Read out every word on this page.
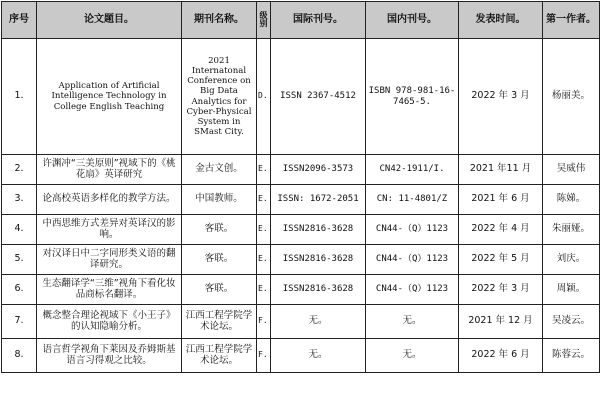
序号	论文题目。	期刊名称。	级别	国际刊号。	国内刊号。	发表时间。	第一作者。
1.	Application of Artificial Intelligence Technology in College English Teaching	2021 Internatonal Conference on Big Data Analytics for Cyber-Physical System in SMast City.	D.	ISSN 2367-4512	ISBN 978-981-16-7465-5.	2022 年 3 月	杨丽美。
2.	许渊冲“三美原则”视域下的《桃花扇》英译研究	金古文创。	E.	ISSN2096-3573	CN42-1911/I.	2021 年11 月	吴威伟
3.	论高校英语多样化的教学方法。	中国教师。	E.	ISSN: 1672-2051	CN: 11-4801/Z	2021 年 6 月	陈娣。
4.	中西思维方式差异对英译汉的影响。	客联。	E.	ISSN2816-3628	CN44-（Q）1123	2022 年 4 月	朱丽娅。
5.	对汉译日中二字同形类义语的翻译研究。	客联。	E.	ISSN2816-3628	CN44-（Q）1123	2022 年 5 月	刘庆。
6.	生态翻译学“三维”视角下看化妆品商标名翻译。	客联。	E.	ISSN2816-3628	CN44-（Q）1123	2022 年 3 月	周颖。
7.	概念整合理论视域下《小王子》的认知隐喻分析。	江西工程学院学术论坛。	F.	无。	无。	2021 年 12 月	吴凌云。
8.	语言哲学视角下莱因及乔姆斯基语言习得观之比较。	江西工程学院学术论坛。	F.	无。	无。	2022 年 6 月	陈蓉云。
